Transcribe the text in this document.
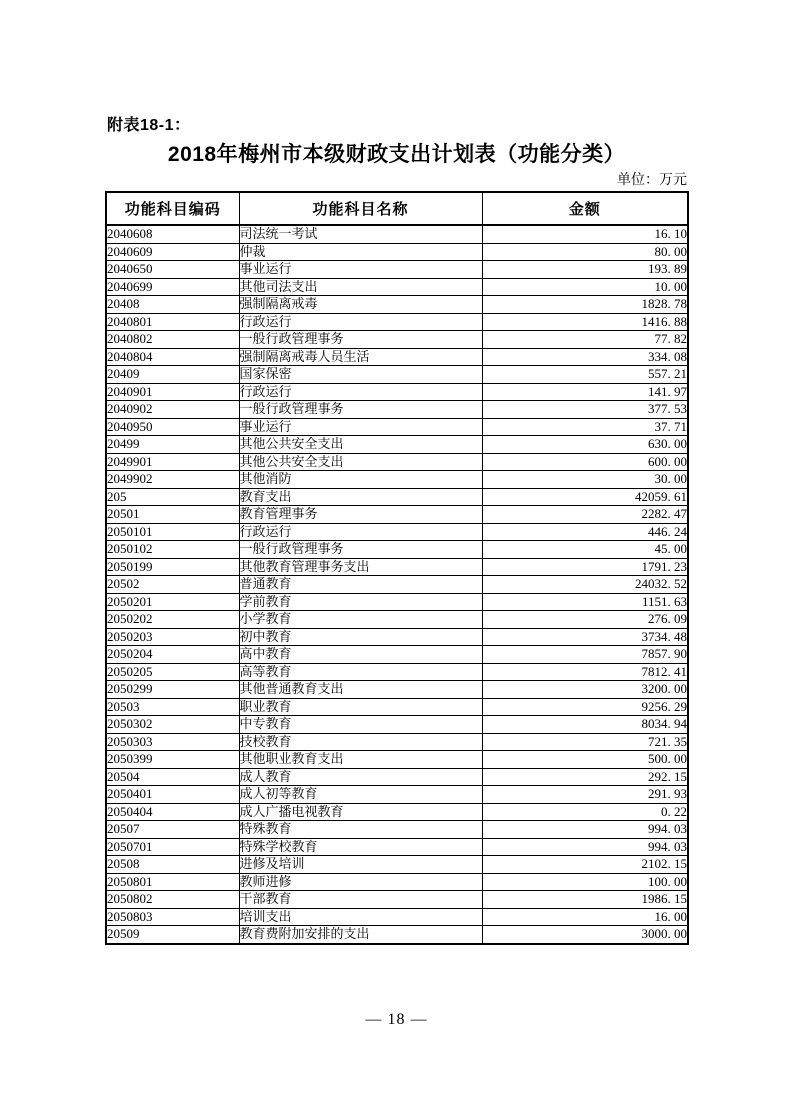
附表18-1：
2018年梅州市本级财政支出计划表（功能分类）
单位：万元
功能科目编码	功能科目名称	金额
2040608	司法统一考试	16. 10
2040609	仲裁	80. 00
2040650	事业运行	193. 89
2040699	其他司法支出	10. 00
20408	强制隔离戒毒	1828. 78
2040801	行政运行	1416. 88
2040802	一般行政管理事务	77. 82
2040804	强制隔离戒毒人员生活	334. 08
20409	国家保密	557. 21
2040901	行政运行	141. 97
2040902	一般行政管理事务	377. 53
2040950	事业运行	37. 71
20499	其他公共安全支出	630. 00
2049901	其他公共安全支出	600. 00
2049902	其他消防	30. 00
205	教育支出	42059. 61
20501	教育管理事务	2282. 47
2050101	行政运行	446. 24
2050102	一般行政管理事务	45. 00
2050199	其他教育管理事务支出	1791. 23
20502	普通教育	24032. 52
2050201	学前教育	1151. 63
2050202	小学教育	276. 09
2050203	初中教育	3734. 48
2050204	高中教育	7857. 90
2050205	高等教育	7812. 41
2050299	其他普通教育支出	3200. 00
20503	职业教育	9256. 29
2050302	中专教育	8034. 94
2050303	技校教育	721. 35
2050399	其他职业教育支出	500. 00
20504	成人教育	292. 15
2050401	成人初等教育	291. 93
2050404	成人广播电视教育	0. 22
20507	特殊教育	994. 03
2050701	特殊学校教育	994. 03
20508	进修及培训	2102. 15
2050801	教师进修	100. 00
2050802	干部教育	1986. 15
2050803	培训支出	16. 00
20509	教育费附加安排的支出	3000. 00
— 18 —
